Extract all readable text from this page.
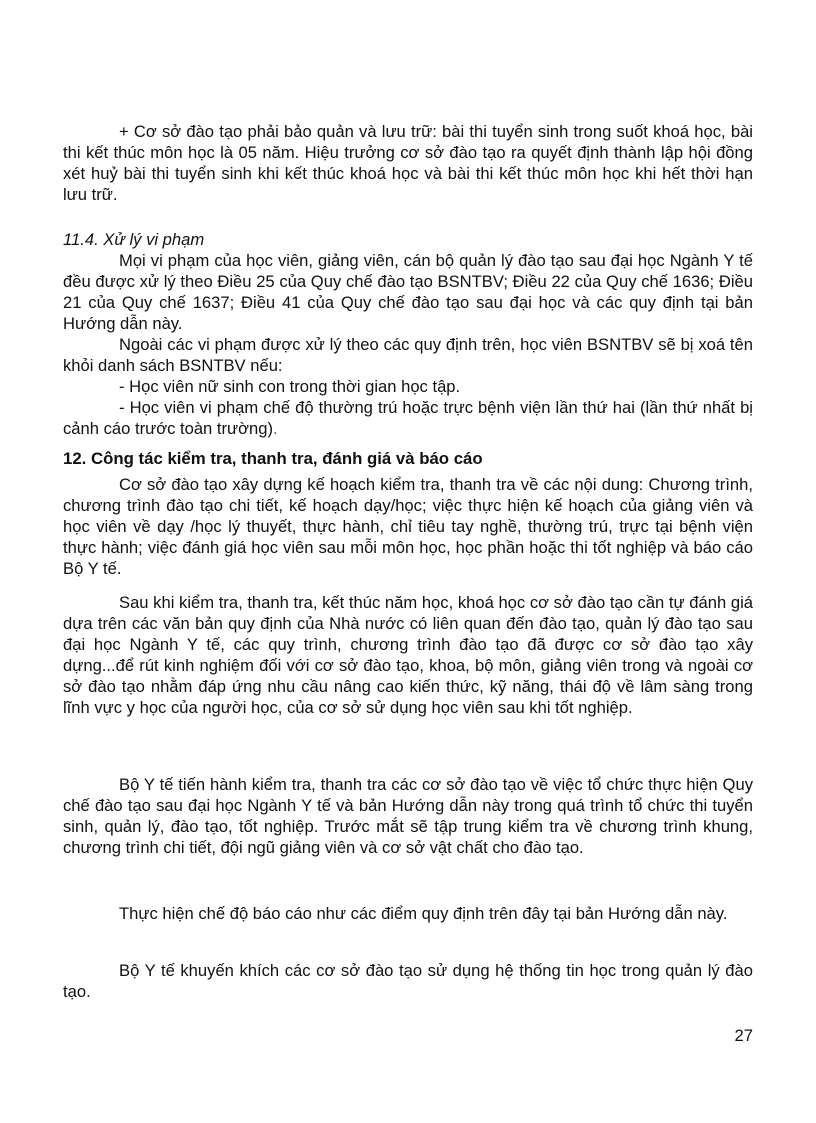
+ Cơ sở đào tạo phải bảo quản và lưu trữ: bài thi tuyển sinh trong suốt khoá học, bài thi kết thúc môn học là 05 năm. Hiệu trưởng cơ sở đào tạo ra quyết định thành lập hội đồng xét huỷ bài thi tuyển sinh khi kết thúc khoá học và bài thi kết thúc môn học khi hết thời hạn lưu trữ.

11.4. Xử lý vi phạm

Mọi vi phạm của học viên, giảng viên, cán bộ quản lý đào tạo sau đại học Ngành Y tế đều được xử lý theo Điều 25 của Quy chế đào tạo BSNTBV; Điều 22 của Quy chế 1636; Điều 21 của Quy chế 1637; Điều 41 của Quy chế đào tạo sau đại học và các quy định tại bản Hướng dẫn này.

Ngoài các vi phạm được xử lý theo các quy định trên, học viên BSNTBV sẽ bị xoá tên khỏi danh sách BSNTBV nếu:

- Học viên nữ sinh con trong thời gian học tập.

- Học viên vi phạm chế độ thường trú hoặc trực bệnh viện lần thứ hai (lần thứ nhất bị cảnh cáo trước toàn trường).

12. Công tác kiểm tra, thanh tra, đánh giá và báo cáo

Cơ sở đào tạo xây dựng kế hoạch kiểm tra, thanh tra về các nội dung: Chương trình, chương trình đào tạo chi tiết, kế hoạch dạy/học; việc thực hiện kế hoạch của giảng viên và học viên về dạy /học lý thuyết, thực hành, chỉ tiêu tay nghề, thường trú, trực tại bệnh viện thực hành; việc đánh giá học viên sau mỗi môn học, học phần hoặc thi tốt nghiệp và báo cáo Bộ Y tế.

Sau khi kiểm tra, thanh tra, kết thúc năm học, khoá học cơ sở đào tạo cần tự đánh giá dựa trên các văn bản quy định của Nhà nước có liên quan đến đào tạo, quản lý đào tạo sau đại học Ngành Y tế, các quy trình, chương trình đào tạo đã được cơ sở đào tạo xây dựng...để rút kinh nghiệm đối với cơ sở đào tạo, khoa, bộ môn, giảng viên trong và ngoài cơ sở đào tạo nhằm đáp ứng nhu cầu nâng cao kiến thức, kỹ năng, thái độ về lâm sàng trong lĩnh vực y học của người học, của cơ sở sử dụng học viên sau khi tốt nghiệp.

Bộ Y tế tiến hành kiểm tra, thanh tra các cơ sở đào tạo về việc tổ chức thực hiện Quy chế đào tạo sau đại học Ngành Y tế và bản Hướng dẫn này trong quá trình tổ chức thi tuyển sinh, quản lý, đào tạo, tốt nghiệp. Trước mắt sẽ tập trung kiểm tra về chương trình khung, chương trình chi tiết, đội ngũ giảng viên và cơ sở vật chất cho đào tạo.

Thực hiện chế độ báo cáo như các điểm quy định trên đây tại bản Hướng dẫn này.

Bộ Y tế khuyến khích các cơ sở đào tạo sử dụng hệ thống tin học trong quản lý đào tạo.

27
